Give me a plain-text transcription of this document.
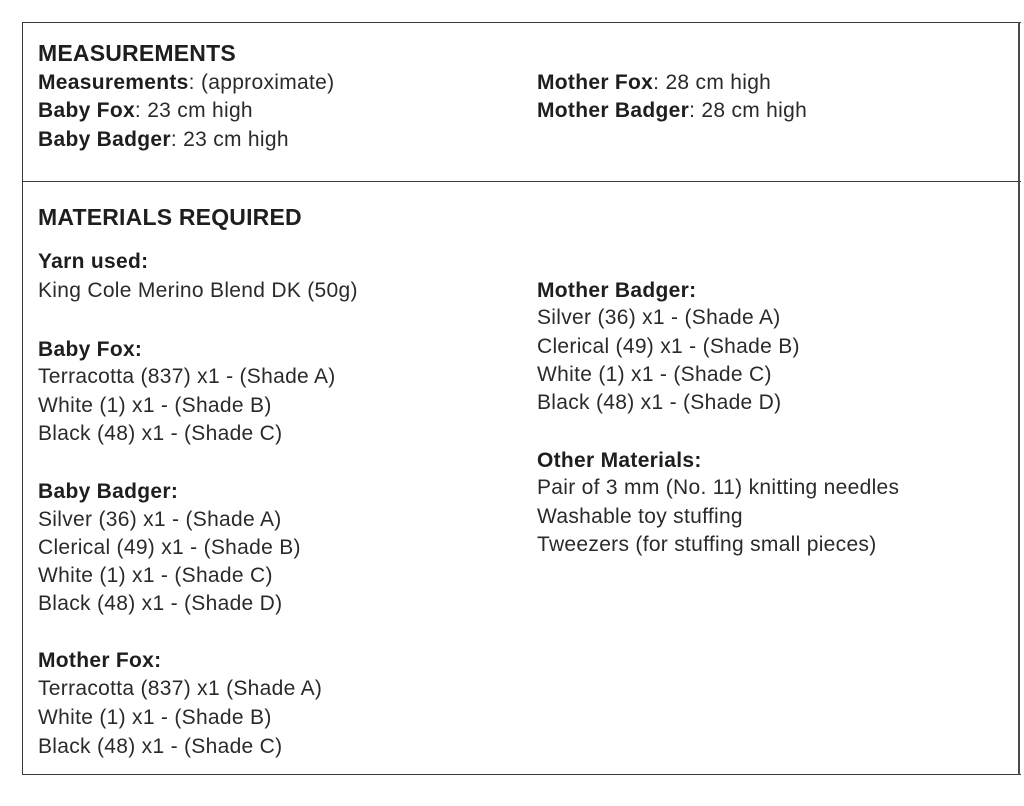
MEASUREMENTS
Measurements: (approximate)
Baby Fox: 23 cm high
Baby Badger: 23 cm high
Mother Fox: 28 cm high
Mother Badger: 28 cm high
MATERIALS REQUIRED
Yarn used:
King Cole Merino Blend DK (50g)
Baby Fox:
Terracotta (837) x1 - (Shade A)
White (1) x1 - (Shade B)
Black (48) x1 - (Shade C)
Baby Badger:
Silver (36) x1 - (Shade A)
Clerical (49) x1 - (Shade B)
White (1) x1 - (Shade C)
Black (48) x1 - (Shade D)
Mother Fox:
Terracotta (837) x1 (Shade A)
White (1) x1 - (Shade B)
Black (48) x1 - (Shade C)
Mother Badger:
Silver (36) x1 - (Shade A)
Clerical (49) x1 - (Shade B)
White (1) x1 - (Shade C)
Black (48) x1 - (Shade D)
Other Materials:
Pair of 3 mm (No. 11) knitting needles
Washable toy stuffing
Tweezers (for stuffing small pieces)
